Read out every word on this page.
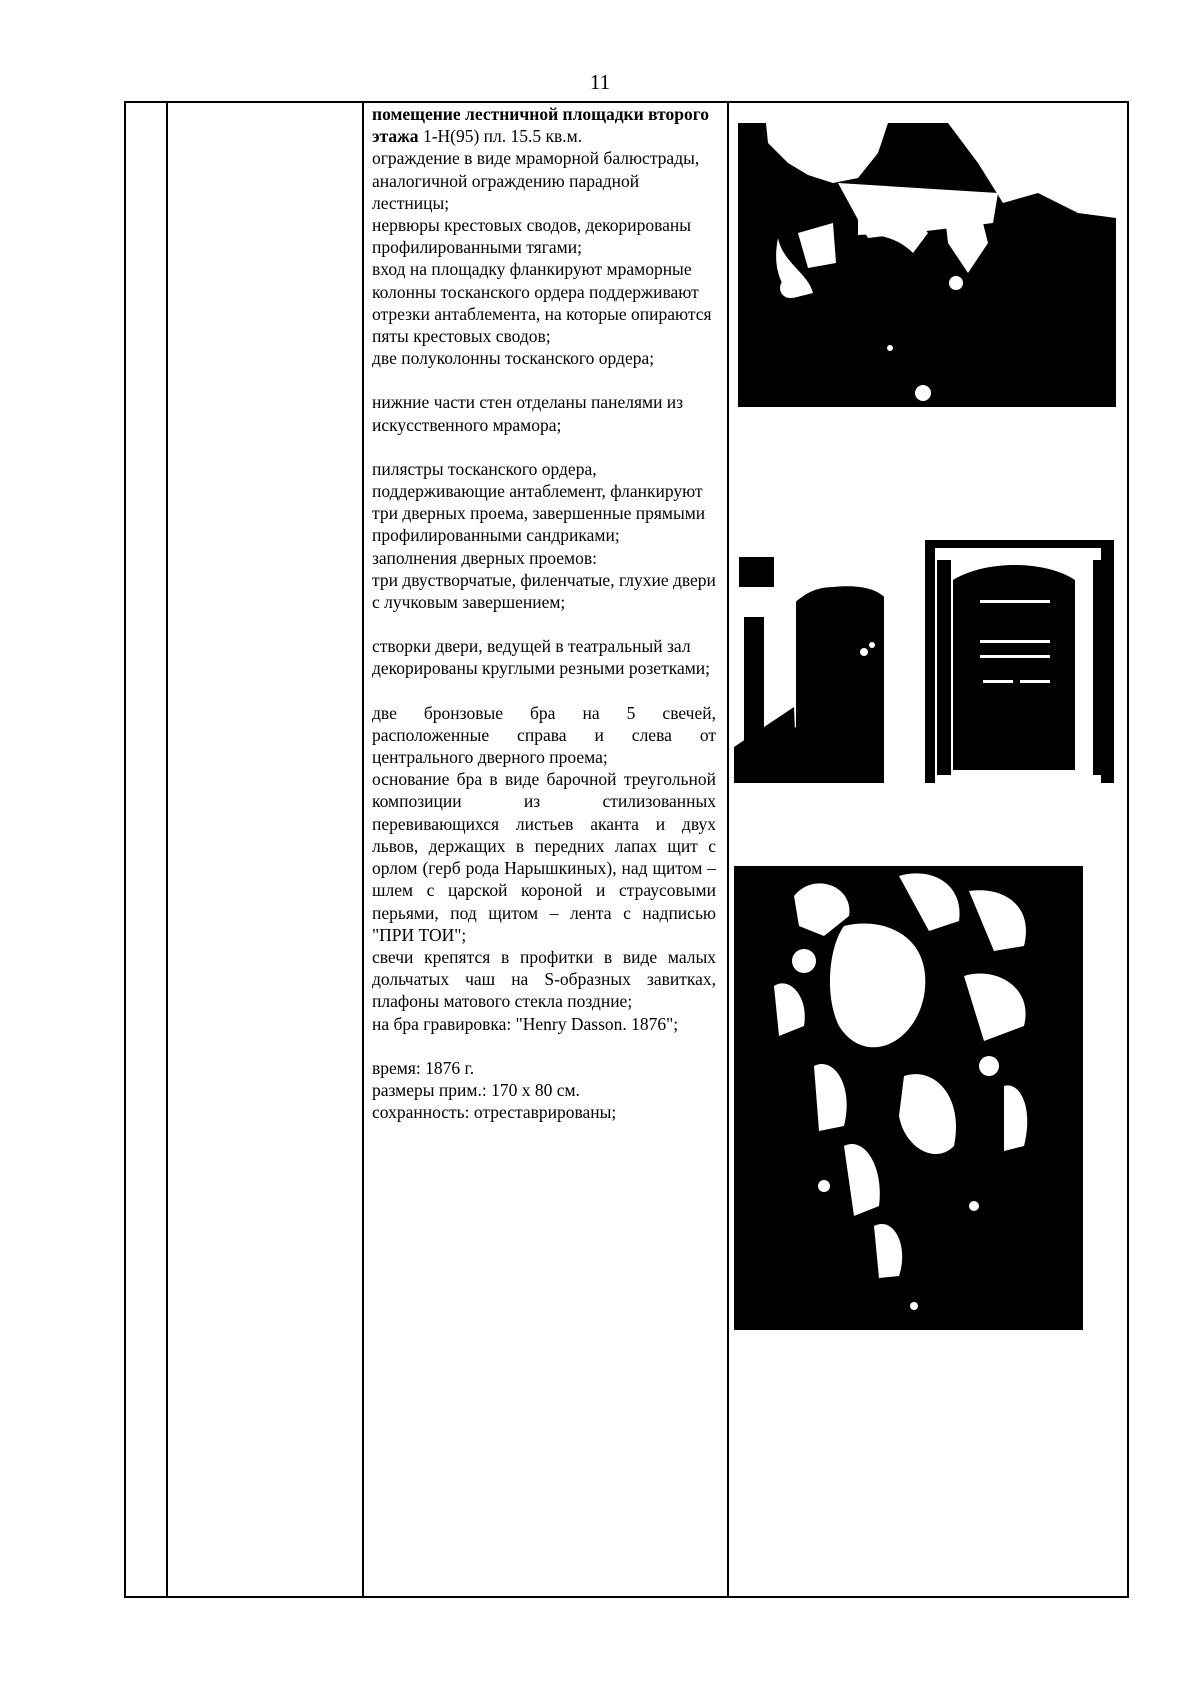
11

помещение лестничной площадки второго этажа 1-Н(95) пл. 15.5 кв.м.

ограждение в виде мраморной балюстрады, аналогичной ограждению парадной лестницы;

нервюры крестовых сводов, декорированы профилированными тягами;

вход на площадку фланкируют мраморные колонны тосканского ордера поддерживают отрезки антаблемента, на которые опираются пяты крестовых сводов;

две полуколонны тосканского ордера;

нижние части стен отделаны панелями из искусственного мрамора;

пилястры тосканского ордера, поддерживающие антаблемент, фланкируют три дверных проема, завершенные прямыми профилированными сандриками;

заполнения дверных проемов:

три двустворчатые, филенчатые, глухие двери с лучковым завершением;

створки двери, ведущей в театральный зал декорированы круглыми резными розетками;

две бронзовые бра на 5 свечей, расположенные справа и слева от центрального дверного проема;

основание бра в виде барочной треугольной композиции из стилизованных перевивающихся листьев аканта и двух львов, держащих в передних лапах щит с орлом (герб рода Нарышкиных), над щитом – шлем с царской короной и страусовыми перьями, под щитом – лента с надписью "ПРИ ТОИ";

свечи крепятся в профитки в виде малых дольчатых чаш на S-образных завитках, плафоны матового стекла поздние;

на бра гравировка: "Henry Dasson. 1876";

время: 1876 г.

размеры прим.: 170 х 80 см.

сохранность: отреставрированы;
